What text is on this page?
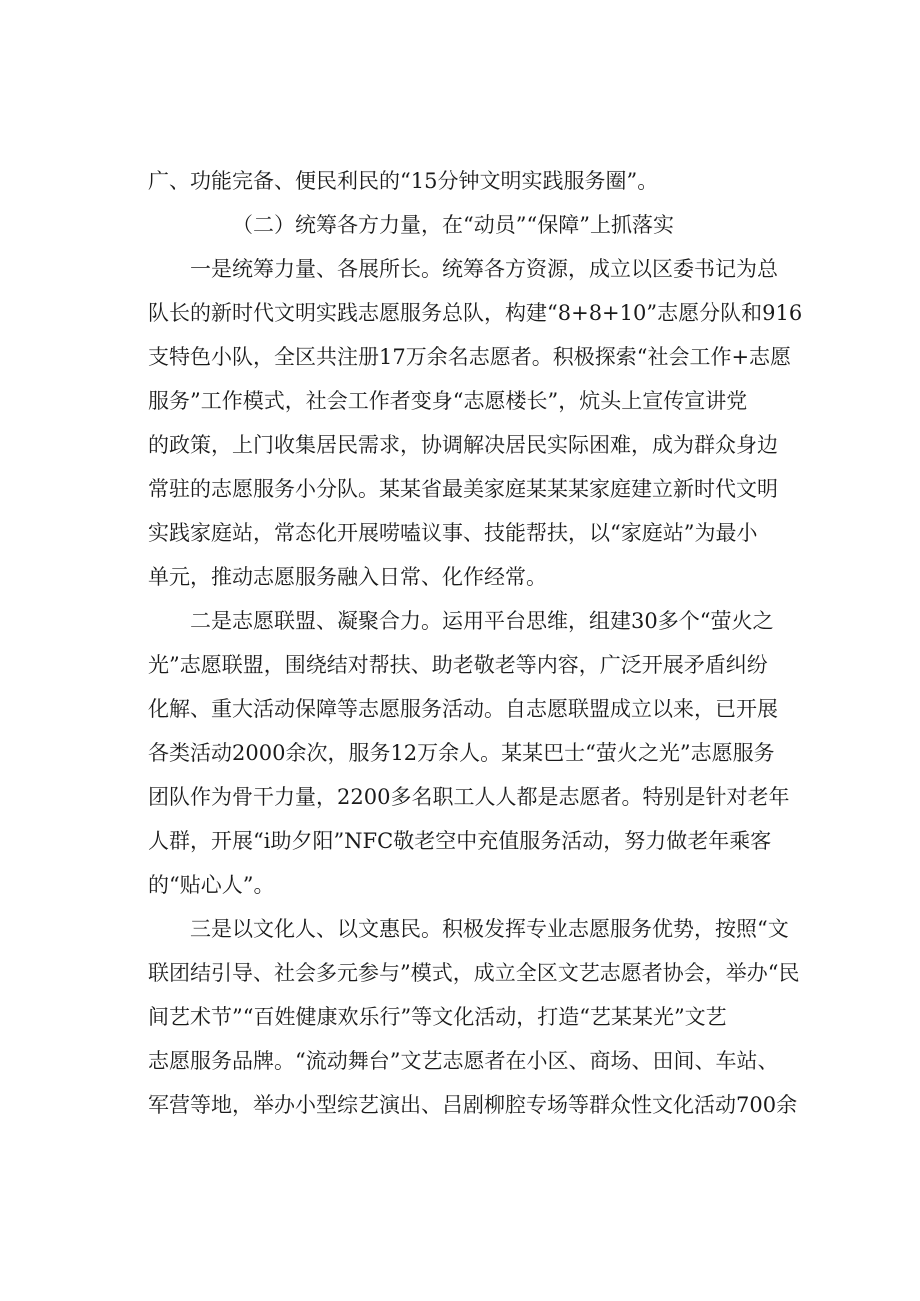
广、功能完备、便民利民的“15分钟文明实践服务圈”。
（二）统筹各方力量，在“动员”“保障”上抓落实
一是统筹力量、各展所长。统筹各方资源，成立以区委书记为总
队长的新时代文明实践志愿服务总队，构建“8+8+10”志愿分队和916
支特色小队，全区共注册17万余名志愿者。积极探索“社会工作+志愿
服务”工作模式，社会工作者变身“志愿楼长”，炕头上宣传宣讲党
的政策，上门收集居民需求，协调解决居民实际困难，成为群众身边
常驻的志愿服务小分队。某某省最美家庭某某某家庭建立新时代文明
实践家庭站，常态化开展唠嗑议事、技能帮扶，以“家庭站”为最小
单元，推动志愿服务融入日常、化作经常。
二是志愿联盟、凝聚合力。运用平台思维，组建30多个“萤火之
光”志愿联盟，围绕结对帮扶、助老敬老等内容，广泛开展矛盾纠纷
化解、重大活动保障等志愿服务活动。自志愿联盟成立以来，已开展
各类活动2000余次，服务12万余人。某某巴士“萤火之光”志愿服务
团队作为骨干力量，2200多名职工人人都是志愿者。特别是针对老年
人群，开展“i助夕阳”NFC敬老空中充值服务活动，努力做老年乘客
的“贴心人”。
三是以文化人、以文惠民。积极发挥专业志愿服务优势，按照“文
联团结引导、社会多元参与”模式，成立全区文艺志愿者协会，举办“民
间艺术节”“百姓健康欢乐行”等文化活动，打造“艺某某光”文艺
志愿服务品牌。“流动舞台”文艺志愿者在小区、商场、田间、车站、
军营等地，举办小型综艺演出、吕剧柳腔专场等群众性文化活动700余
